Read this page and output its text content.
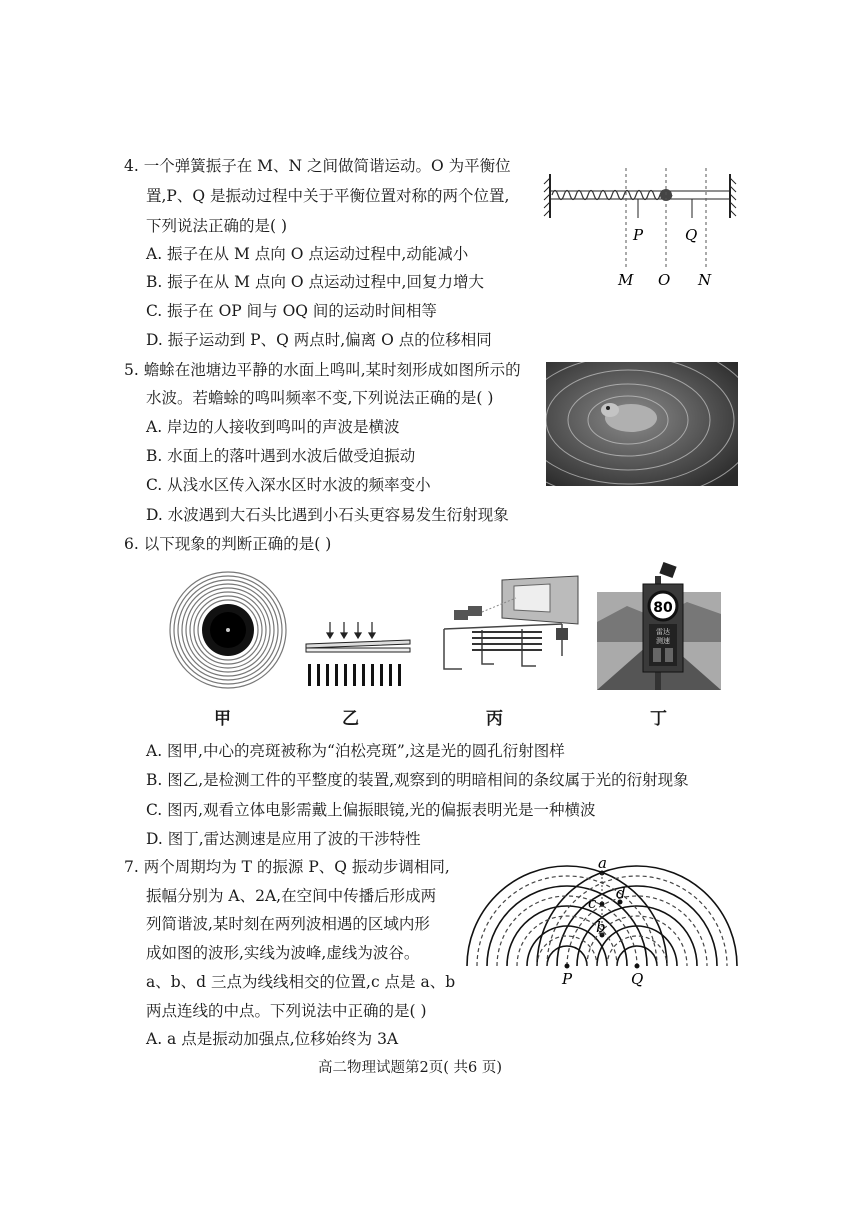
4. 一个弹簧振子在 M、N 之间做简谐运动。O 为平衡位
置,P、Q 是振动过程中关于平衡位置对称的两个位置,
下列说法正确的是( )
A. 振子在从 M 点向 O 点运动过程中,动能减小
B. 振子在从 M 点向 O 点运动过程中,回复力增大
C. 振子在 OP 间与 OQ 间的运动时间相等
D. 振子运动到 P、Q 两点时,偏离 O 点的位移相同
P	Q
M O N
5. 蟾蜍在池塘边平静的水面上鸣叫,某时刻形成如图所示的
水波。若蟾蜍的鸣叫频率不变,下列说法正确的是( )
A. 岸边的人接收到鸣叫的声波是横波
B. 水面上的落叶遇到水波后做受迫振动
C. 从浅水区传入深水区时水波的频率变小
D. 水波遇到大石头比遇到小石头更容易发生衍射现象
6. 以下现象的判断正确的是( )
80
雷达
测速
甲	乙	丙	丁
A. 图甲,中心的亮斑被称为“泊松亮斑”,这是光的圆孔衍射图样
B. 图乙,是检测工件的平整度的装置,观察到的明暗相间的条纹属于光的衍射现象
C. 图丙,观看立体电影需戴上偏振眼镜,光的偏振表明光是一种横波
D. 图丁,雷达测速是应用了波的干涉特性
7. 两个周期均为 T 的振源 P、Q 振动步调相同,
振幅分别为 A、2A,在空间中传播后形成两
列简谐波,某时刻在两列波相遇的区域内形
成如图的波形,实线为波峰,虚线为波谷。
a、b、d 三点为线线相交的位置,c 点是 a、b
两点连线的中点。下列说法中正确的是( )
A. a 点是振动加强点,位移始终为 3A
a
d
c
b
P	Q
高二物理试题第2页( 共6 页)
